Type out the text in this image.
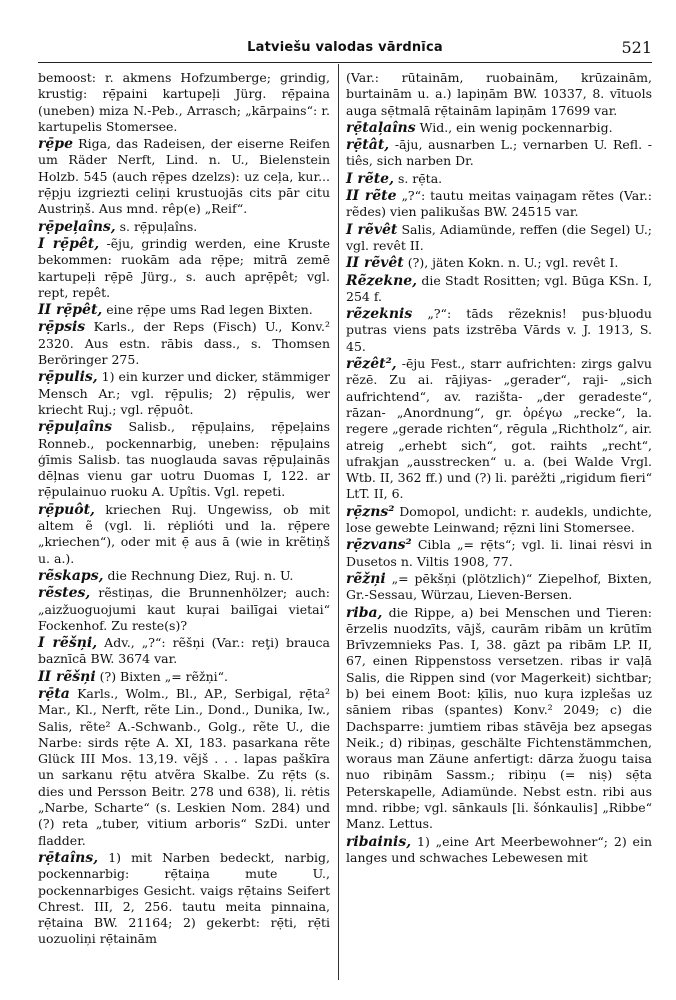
Latviešu valodas vārdnīca	521

bemoost: r. akmens Hofzumberge; grindig, krustig: rẹ̄paini kartupeļi Jürg. rẹ̄paina (uneben) miza N.-Peb., Arrasch; „kārpains“: r. kartupelis Stomersee.

rẹ̄pe Riga, das Radeisen, der eiserne Reifen um Räder Nerft, Lind. n. U., Bielenstein Holzb. 545 (auch rẹ̄pes dzelzs): uz ceļa, kur... rẹ̄pju izgriezti celiņi krustuojās cits pār citu Austriņš. Aus mnd. rêp(e) „Reif“.

rẹ̄peļaîns, s. rẹ̄puļaîns.

I rẹ̄pêt, -ẽju, grindig werden, eine Kruste bekommen: ruokām ada rẹ̄pe; mitrā zemē kartupeļi rẹ̄pē Jürg., s. auch aprẹ̄pêt; vgl. rept, repêt.

II rẹ̄pêt, eine rẹ̄pe ums Rad legen Bixten.

rẹ̄psis Karls., der Reps (Fisch) U., Konv.² 2320. Aus estn. rābis dass., s. Thomsen Beröringer 275.

rẹ̄pulis, 1) ein kurzer und dicker, stämmiger Mensch Ar.; vgl. rẹ̄pulis; 2) rẹ̄pulis, wer kriecht Ruj.; vgl. rẹ̄puôt.

rẹ̄puļaîns Salisb., rẹ̄puļains, rẹ̄peļains Ronneb., pockennarbig, uneben: rẹ̄puļains ģīmis Salisb. tas nuoglauda savas rẹ̄puļainās dēļnas vienu gar uotru Duomas I, 122. ar rẹ̄pulainuo ruoku A. Upîtis. Vgl. repeti.

rẹ̄puôt, kriechen Ruj. Ungewiss, ob mit altem ẽ (vgl. li. rėplióti und la. rẹ̄pere „kriechen“), oder mit ẹ̄ aus ā (wie in krẽtiņš u. a.).

rẽskaps, die Rechnung Diez, Ruj. n. U.

rẽstes, rẽstiņas, die Brunnenhölzer; auch: „aizžuoguojumi kaut kuŗai bailīgai vietai“ Fockenhof. Zu reste(s)?

I rẽšņi, Adv., „?“: rẽšņi (Var.: reţi) brauca baznīcā BW. 3674 var.

II rẽšņi (?) Bixten „= rẽžņi“.

rẹ̄ta Karls., Wolm., Bl., AP., Serbigal, rẹ̄ta² Mar., Kl., Nerft, rẽte Lin., Dond., Dunika, Iw., Salis, rẽte² A.-Schwanb., Golg., rẽte U., die Narbe: sirds rẹ̄te A. XI, 183. pasarkana rẽte Glück III Mos. 13,19. vẽjš . . . lapas paškīra un sarkanu rẹ̄tu atvẽra Skalbe. Zu rẹ̄ts (s. dies und Persson Beitr. 278 und 638), li. rėtis „Narbe, Scharte“ (s. Leskien Nom. 284) und (?) reta „tuber, vitium arboris“ SzDi. unter fladder.

rẹ̄taîns, 1) mit Narben bedeckt, narbig, pockennarbig: rẹ̄taiņa mute U., pockennarbiges Gesicht. vaigs rẹ̄tains Seifert Chrest. III, 2, 256. tautu meita pinnaina, rẹ̄taina BW. 21164; 2) gekerbt: rẹ̄ti, rẹ̄ti uozuoliņi rẹ̄tainām

(Var.: rūtainām, ruobainām, krūzainām, burtainām u. a.) lapiņām BW. 10337, 8. vītuols auga sẹ̄tmalā rẹ̄tainām lapiņām 17699 var.

rẹ̄taļaîns Wid., ein wenig pockennarbig.

rẹ̄tât, -āju, ausnarben L.; vernarben U. Refl. -tiês, sich narben Dr.

I rẽte, s. rẹ̄ta.

II rẽte „?“: tautu meitas vaiņagam rẽtes (Var.: rẽdes) vien palikušas BW. 24515 var.

I rẽvêt Salis, Adiamünde, reffen (die Segel) U.; vgl. revêt II.

II rẽvêt (?), jäten Kokn. n. U.; vgl. revêt I.

Rẽzekne, die Stadt Rositten; vgl. Būga KSn. I, 254 f.

rẽzeknis „?“: tāds rẽzeknis! pus·bļuodu putras viens pats izstrēba Vārds v. J. 1913, S. 45.

rẽzêt², -ēju Fest., starr aufrichten: zirgs galvu rẽzē. Zu ai. rājiyas- „gerader“, raji- „sich aufrichtend“, av. razišta- „der geradeste“, rāzan- „Anordnung“, gr. ὀρέγω „recke“, la. regere „gerade richten“, rēgula „Richtholz“, air. atreig „erhebt sich“, got. raihts „recht“, ufrakjan „ausstrecken“ u. a. (bei Walde Vrgl. Wtb. II, 362 ff.) und (?) li. parėžti „rigidum fieri“ LtT. II, 6.

rẹ̄zns² Domopol, undicht: r. audekls, undichte, lose gewebte Leinwand; rẹ̄zni lini Stomersee.

rẹ̄zvans² Cibla „= rẹ̄ts“; vgl. li. linai rėsvi in Dusetos n. Viltis 1908, 77.

rẽžņi „= pēkšņi (plötzlich)“ Ziepelhof, Bixten, Gr.-Sessau, Würzau, Lieven-Bersen.

riba, die Rippe, a) bei Menschen und Tieren: ērzelis nuodzīts, vājš, caurām ribām un krūtīm Brīvzemnieks Pas. I, 38. gāzt pa ribām LP. II, 67, einen Rippenstoss versetzen. ribas ir vaļā Salis, die Rippen sind (vor Magerkeit) sichtbar; b) bei einem Boot: ķīlis, nuo kuŗa izplešas uz sāniem ribas (spantes) Konv.² 2049; c) die Dachsparre: jumtiem ribas stāvēja bez apsegas Neik.; d) ribiņas, geschälte Fichtenstämmchen, woraus man Zäune anfertigt: dārza žuogu taisa nuo ribiņām Sassm.; ribiņu (= niṣ) sẹ̄ta Peterskapelle, Adiamünde. Nebst estn. ribi aus mnd. ribbe; vgl. sānkauls [li. šónkaulis] „Ribbe“ Manz. Lettus.

ribainis, 1) „eine Art Meerbewohner“; 2) ein langes und schwaches Lebewesen mit
